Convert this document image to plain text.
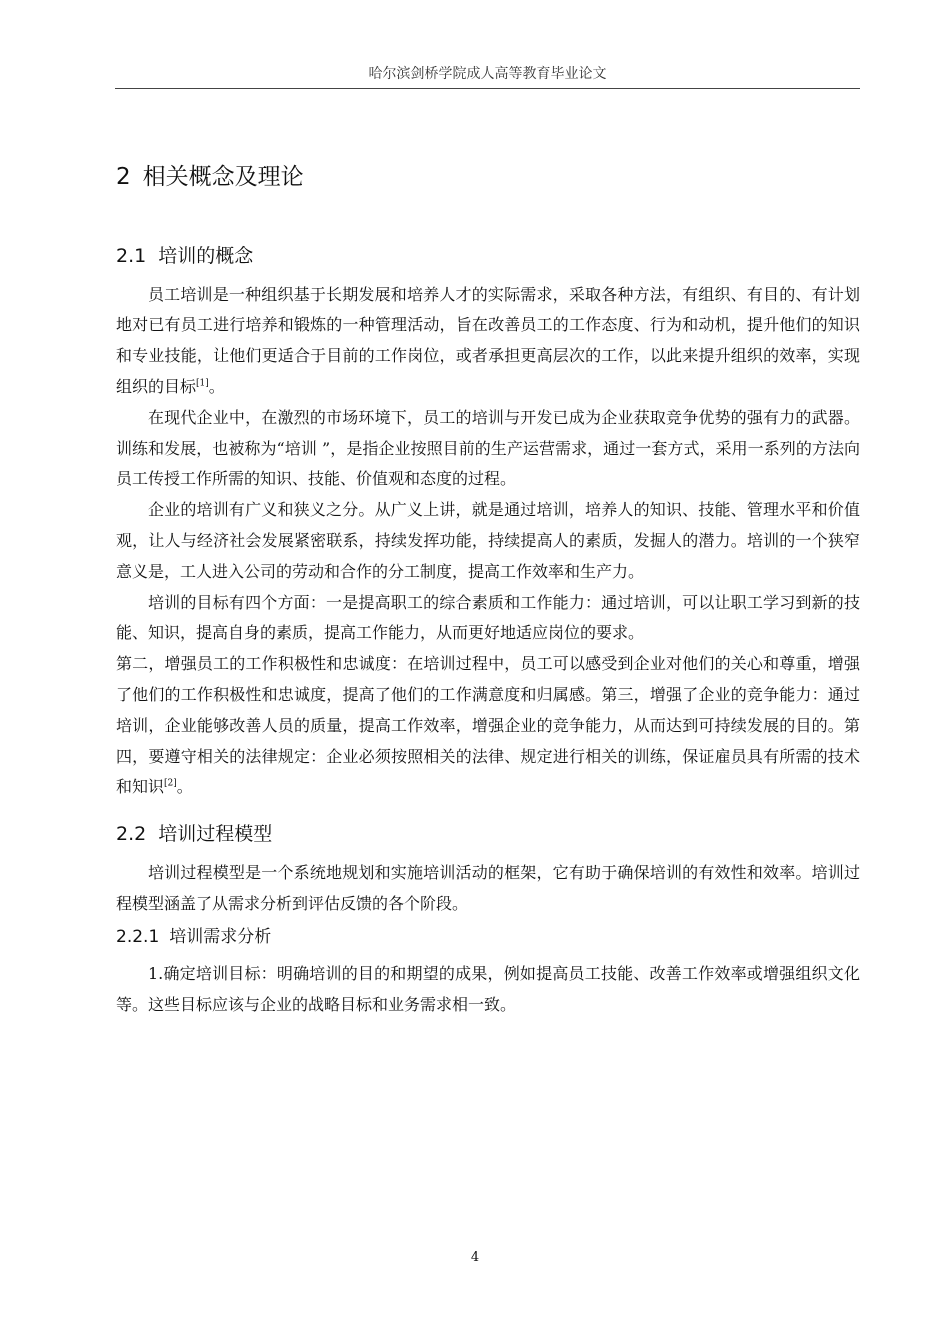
哈尔滨剑桥学院成人高等教育毕业论文
2 相关概念及理论
2.1 培训的概念

员工培训是一种组织基于长期发展和培养人才的实际需求，采取各种方法，有组织、有目的、有计划地对已有员工进行培养和锻炼的一种管理活动，旨在改善员工的工作态度、行为和动机，提升他们的知识和专业技能，让他们更适合于目前的工作岗位，或者承担更高层次的工作，以此来提升组织的效率，实现组织的目标[1]。

在现代企业中，在激烈的市场环境下，员工的培训与开发已成为企业获取竞争优势的强有力的武器。训练和发展，也被称为“培训 ”，是指企业按照目前的生产运营需求，通过一套方式，采用一系列的方法向员工传授工作所需的知识、技能、价值观和态度的过程。

企业的培训有广义和狭义之分。从广义上讲，就是通过培训，培养人的知识、技能、管理水平和价值观，让人与经济社会发展紧密联系，持续发挥功能，持续提高人的素质，发掘人的潜力。培训的一个狭窄意义是，工人进入公司的劳动和合作的分工制度，提高工作效率和生产力。

培训的目标有四个方面：一是提高职工的综合素质和工作能力：通过培训，可以让职工学习到新的技能、知识，提高自身的素质，提高工作能力，从而更好地适应岗位的要求。

第二，增强员工的工作积极性和忠诚度：在培训过程中，员工可以感受到企业对他们的关心和尊重，增强了他们的工作积极性和忠诚度，提高了他们的工作满意度和归属感。第三，增强了企业的竞争能力：通过培训，企业能够改善人员的质量，提高工作效率，增强企业的竞争能力，从而达到可持续发展的目的。第四，要遵守相关的法律规定：企业必须按照相关的法律、规定进行相关的训练，保证雇员具有所需的技术和知识[2]。

2.2 培训过程模型

培训过程模型是一个系统地规划和实施培训活动的框架，它有助于确保培训的有效性和效率。培训过程模型涵盖了从需求分析到评估反馈的各个阶段。

2.2.1 培训需求分析

1.确定培训目标：明确培训的目的和期望的成果，例如提高员工技能、改善工作效率或增强组织文化等。这些目标应该与企业的战略目标和业务需求相一致。

4
